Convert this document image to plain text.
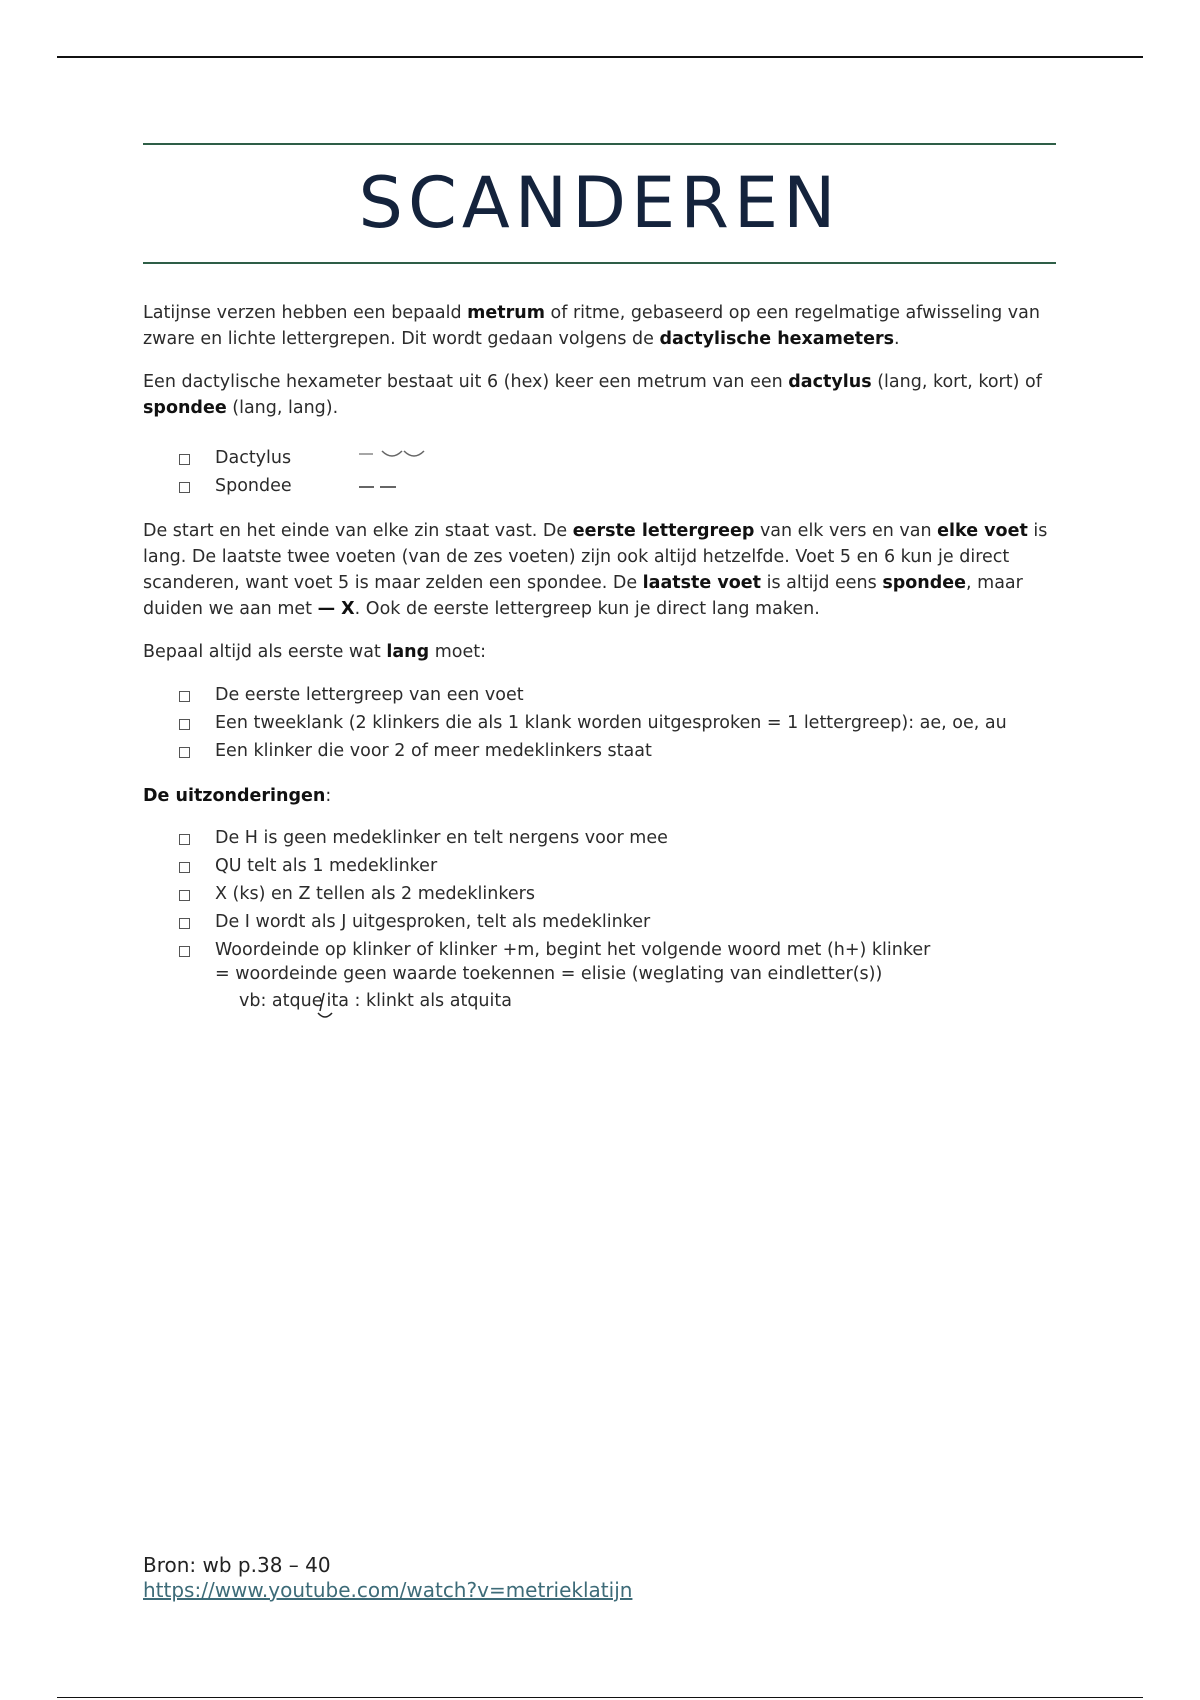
SCANDEREN

Latijnse verzen hebben een bepaald metrum of ritme, gebaseerd op een regelmatige afwisseling van zware en lichte lettergrepen. Dit wordt gedaan volgens de dactylische hexameters.

Een dactylische hexameter bestaat uit 6 (hex) keer een metrum van een dactylus (lang, kort, kort) of spondee (lang, lang).

Dactylus
Spondee

De start en het einde van elke zin staat vast. De eerste lettergreep van elk vers en van elke voet is lang. De laatste twee voeten (van de zes voeten) zijn ook altijd hetzelfde. Voet 5 en 6 kun je direct scanderen, want voet 5 is maar zelden een spondee. De laatste voet is altijd eens spondee, maar duiden we aan met — X. Ook de eerste lettergreep kun je direct lang maken.

Bepaal altijd als eerste wat lang moet:

De eerste lettergreep van een voet
Een tweeklank (2 klinkers die als 1 klank worden uitgesproken = 1 lettergreep): ae, oe, au
Een klinker die voor 2 of meer medeklinkers staat

De uitzonderingen:

De H is geen medeklinker en telt nergens voor mee
QU telt als 1 medeklinker
X (ks) en Z tellen als 2 medeklinkers
De I wordt als J uitgesproken, telt als medeklinker
Woordeinde op klinker of klinker +m, begint het volgende woord met (h+) klinker
= woordeinde geen waarde toekennen = elisie (weglating van eindletter(s))
vb: atque ita : klinkt als atquita
Bron: wb p.38 – 40
https://www.youtube.com/watch?v=metrieklatijn
